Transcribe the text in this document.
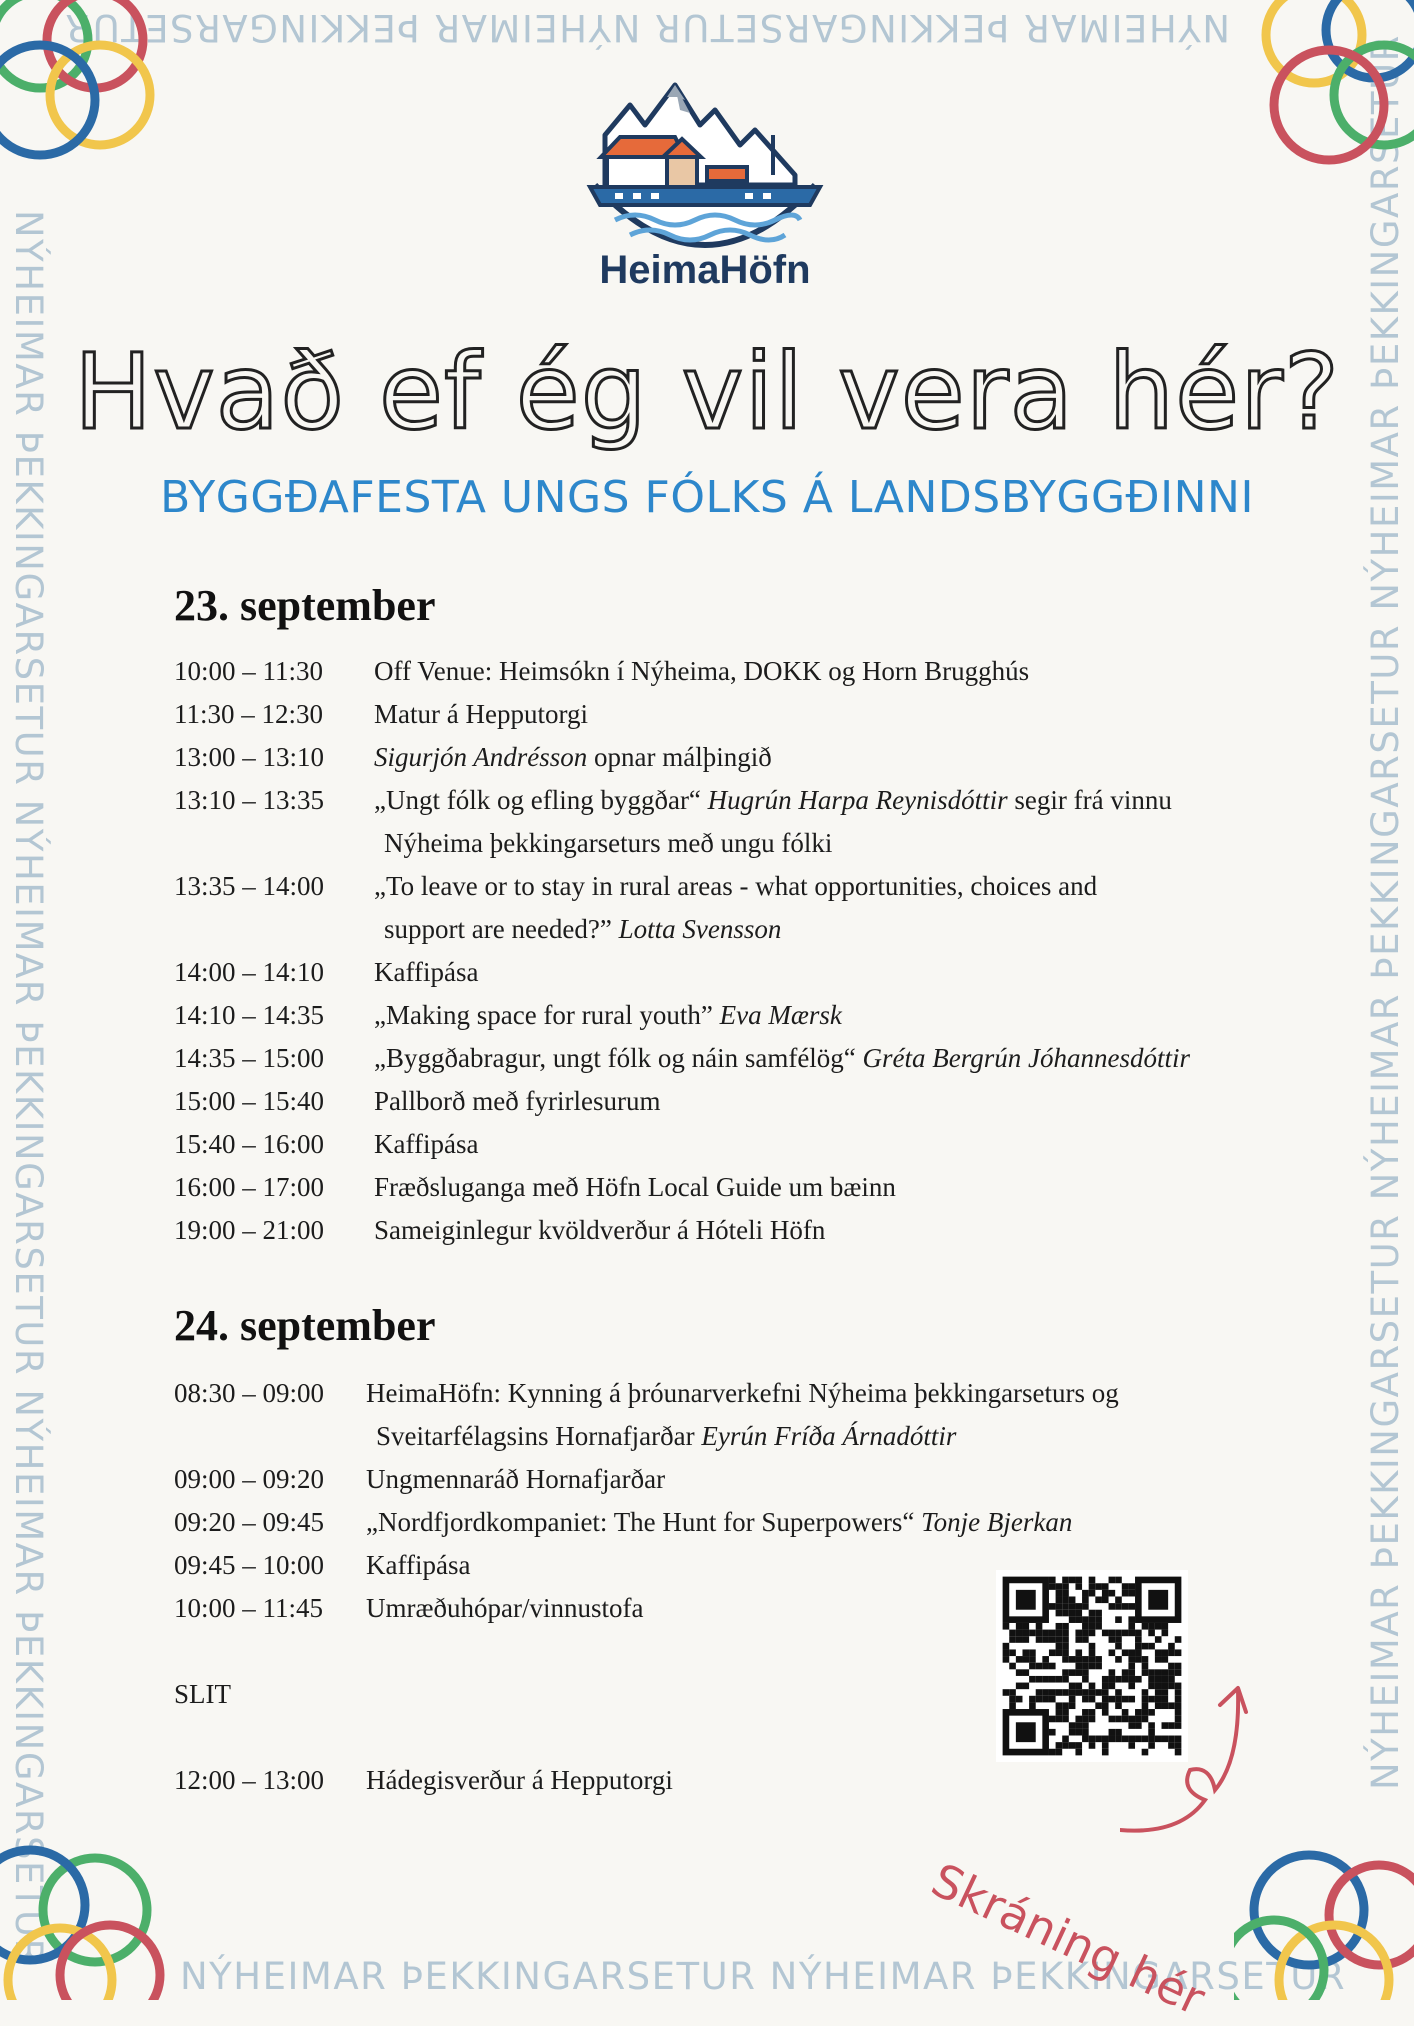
NÝHEIMAR ÞEKKINGARSETUR NÝHEIMAR ÞEKKINGARSETUR
NÝHEIMAR ÞEKKINGARSETUR NÝHEIMAR ÞEKKINGARSETUR
NÝHEIMAR ÞEKKINGARSETUR NÝHEIMAR ÞEKKINGARSETUR NÝHEIMAR ÞEKKINGARSETUR	NÝHEIMAR ÞEKKINGARSETUR NÝHEIMAR ÞEKKINGARSETUR NÝHEIMAR ÞEKKINGARSETUR
HeimaHöfn
Hvað ef ég vil vera hér?
BYGGÐAFESTA UNGS FÓLKS Á LANDSBYGGÐINNI
23. september
10:00 – 11:30	Off Venue: Heimsókn í Nýheima, DOKK og Horn Brugghús
11:30 – 12:30	Matur á Hepputorgi
13:00 – 13:10	Sigurjón Andrésson opnar málþingið
13:10 – 13:35	„Ungt fólk og efling byggðar“ Hugrún Harpa Reynisdóttir segir frá vinnu
Nýheima þekkingarseturs með ungu fólki
13:35 – 14:00	„To leave or to stay in rural areas - what opportunities, choices and
support are needed?” Lotta Svensson
14:00 – 14:10	Kaffipása
14:10 – 14:35	„Making space for rural youth” Eva Mærsk
14:35 – 15:00	„Byggðabragur, ungt fólk og náin samfélög“ Gréta Bergrún Jóhannesdóttir
15:00 – 15:40	Pallborð með fyrirlesurum
15:40 – 16:00	Kaffipása
16:00 – 17:00	Fræðsluganga með Höfn Local Guide um bæinn
19:00 – 21:00	Sameiginlegur kvöldverður á Hóteli Höfn
24. september
08:30 – 09:00	HeimaHöfn: Kynning á þróunarverkefni Nýheima þekkingarseturs og
Sveitarfélagsins Hornafjarðar Eyrún Fríða Árnadóttir
09:00 – 09:20	Ungmennaráð Hornafjarðar
09:20 – 09:45	„Nordfjordkompaniet: The Hunt for Superpowers“ Tonje Bjerkan
09:45 – 10:00	Kaffipása
10:00 – 11:45	Umræðuhópar/vinnustofa
SLIT
12:00 – 13:00	Hádegisverður á Hepputorgi
Skráning hér
